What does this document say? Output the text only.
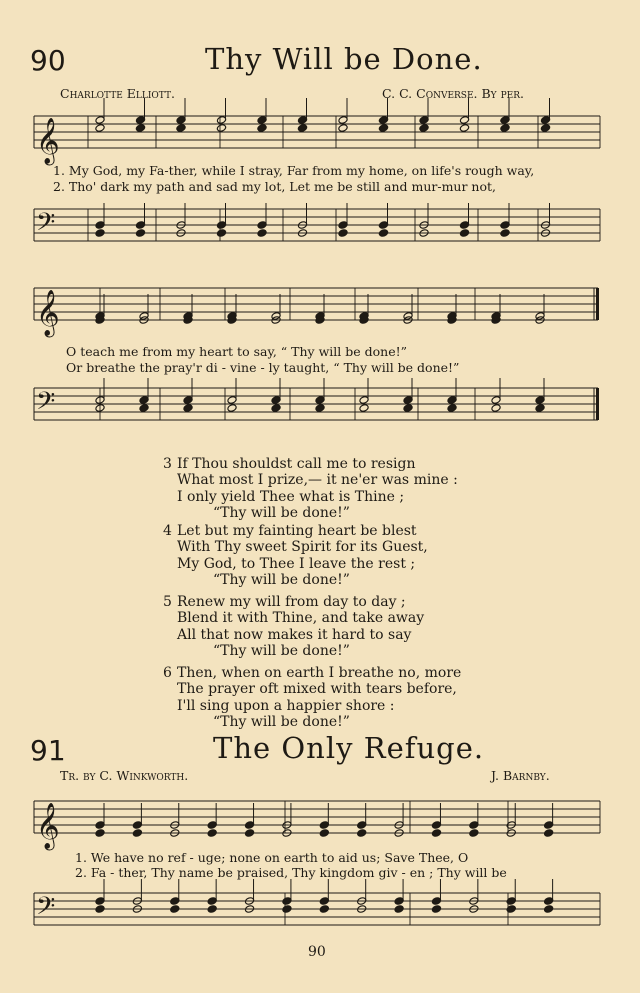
90	Thy Will be Done.
Charlotte Elliott.	C. C. Converse. By per.
𝄞
1. My God, my Fa-ther, while I stray, Far from my home, on life's rough way,
2. Tho' dark my path and sad my lot, Let me be still and mur-mur not,
𝄢
𝄞
O teach me from my heart to say, “ Thy will be done!”
Or breathe the pray'r di - vine - ly taught, “ Thy will be done!”
𝄢
3 If Thou shouldst call me to resign
What most I prize,— it ne'er was mine :
I only yield Thee what is Thine ;
“Thy will be done!”
4 Let but my fainting heart be blest
With Thy sweet Spirit for its Guest,
My God, to Thee I leave the rest ;
“Thy will be done!”
5 Renew my will from day to day ;
Blend it with Thine, and take away
All that now makes it hard to say
“Thy will be done!”
6 Then, when on earth I breathe no, more
The prayer oft mixed with tears before,
I'll sing upon a happier shore :
“Thy will be done!”
91	The Only Refuge.
Tr. by C. Winkworth.	J. Barnby.
𝄞
1. We have no ref - uge; none on earth to aid us; Save Thee, O
2. Fa - ther, Thy name be praised, Thy kingdom giv - en ; Thy will be
𝄢
90
